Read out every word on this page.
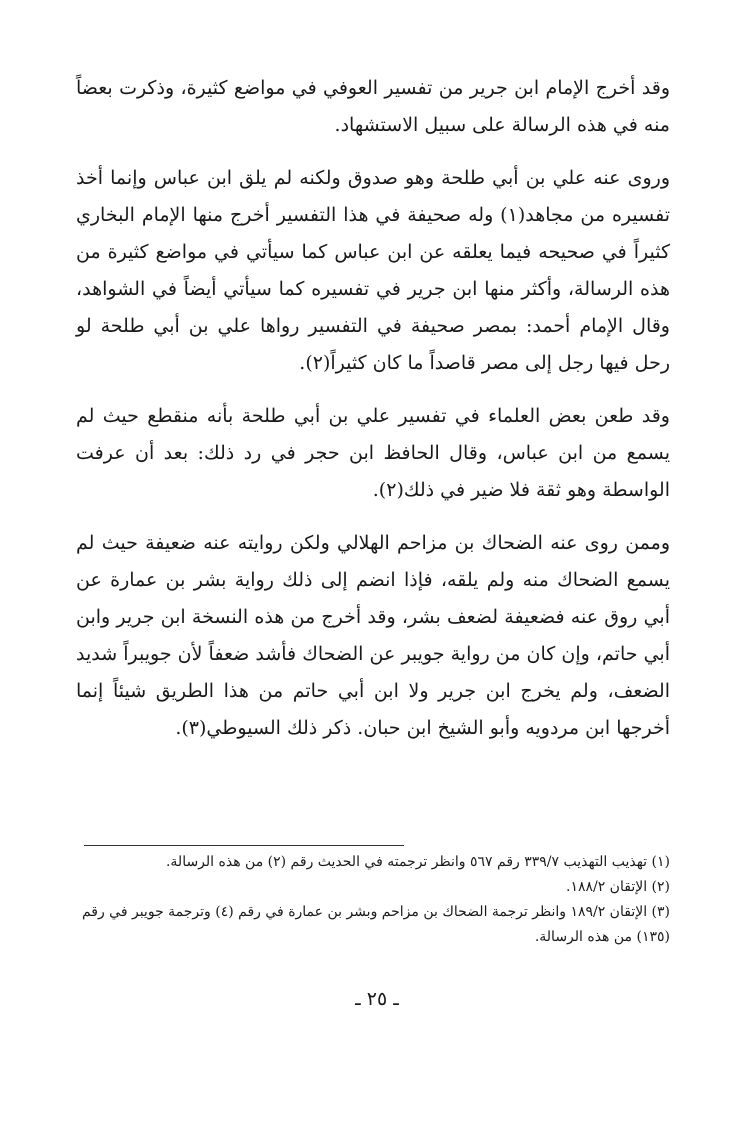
وقد أخرج الإمام ابن جرير من تفسير العوفي في مواضع كثيرة، وذكرت بعضاً منه في هذه الرسالة على سبيل الاستشهاد.

وروى عنه علي بن أبي طلحة وهو صدوق ولكنه لم يلق ابن عباس وإنما أخذ تفسيره من مجاهد(١) وله صحيفة في هذا التفسير أخرج منها الإمام البخاري كثيراً في صحيحه فيما يعلقه عن ابن عباس كما سيأتي في مواضع كثيرة من هذه الرسالة، وأكثر منها ابن جرير في تفسيره كما سيأتي أيضاً في الشواهد، وقال الإمام أحمد: بمصر صحيفة في التفسير رواها علي بن أبي طلحة لو رحل فيها رجل إلى مصر قاصداً ما كان كثيراً(٢).

وقد طعن بعض العلماء في تفسير علي بن أبي طلحة بأنه منقطع حيث لم يسمع من ابن عباس، وقال الحافظ ابن حجر في رد ذلك: بعد أن عرفت الواسطة وهو ثقة فلا ضير في ذلك(٢).

وممن روى عنه الضحاك بن مزاحم الهلالي ولكن روايته عنه ضعيفة حيث لم يسمع الضحاك منه ولم يلقه، فإذا انضم إلى ذلك رواية بشر بن عمارة عن أبي روق عنه فضعيفة لضعف بشر، وقد أخرج من هذه النسخة ابن جرير وابن أبي حاتم، وإن كان من رواية جويبر عن الضحاك فأشد ضعفاً لأن جويبراً شديد الضعف، ولم يخرج ابن جرير ولا ابن أبي حاتم من هذا الطريق شيئاً إنما أخرجها ابن مردويه وأبو الشيخ ابن حبان. ذكر ذلك السيوطي(٣).

(١) تهذيب التهذيب ٣٣٩/٧ رقم ٥٦٧ وانظر ترجمته في الحديث رقم (٢) من هذه الرسالة.

(٢) الإتقان ١٨٨/٢.

(٣) الإتقان ١٨٩/٢ وانظر ترجمة الضحاك بن مزاحم وبشر بن عمارة في رقم (٤) وترجمة جويبر في رقم (١٣٥) من هذه الرسالة.

ـ ٢٥ ـ
